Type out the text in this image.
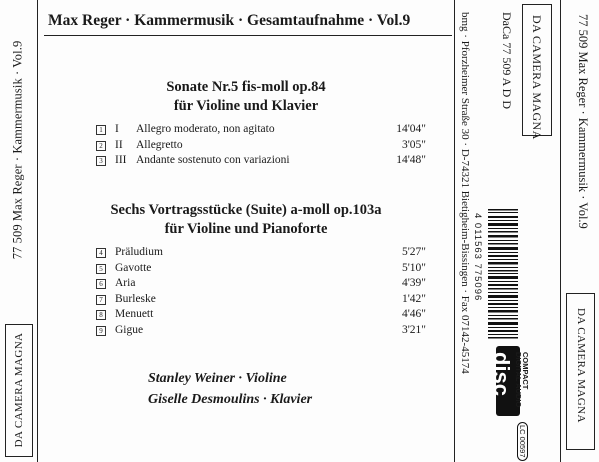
77 509 Max Reger · Kammermusik · Vol.9
DA CAMERA MAGNA
Max Reger · Kammermusik · Gesamtaufnahme · Vol.9
Sonate Nr.5 fis-moll op.84
für Violine und Klavier
1 I Allegro moderato, non agitato	14'04"
2 II Allegretto	3'05"
3 III Andante sostenuto con variazioni	14'48"
Sechs Vortragsstücke (Suite) a-moll op.103a
für Violine und Pianoforte
4 Präludium	5'27"
5 Gavotte	5'10"
6 Aria	4'39"
7 Burleske	1'42"
8 Menuett	4'46"
9 Gigue	3'21"
Stanley Weiner · Violine
Giselle Desmoulins · Klavier
DA CAMERA MAGNA
DaCa 77 509 A D D
bmg · Pforzheimer Straße 30 · D-74321 Bietigheim-Bissingen · Fax 07142-45174 4 011563 775096
disc COMPACT
DIGITAL AUDIO
LC 00597
77 509 Max Reger · Kammermusik · Vol.9
DA CAMERA MAGNA
